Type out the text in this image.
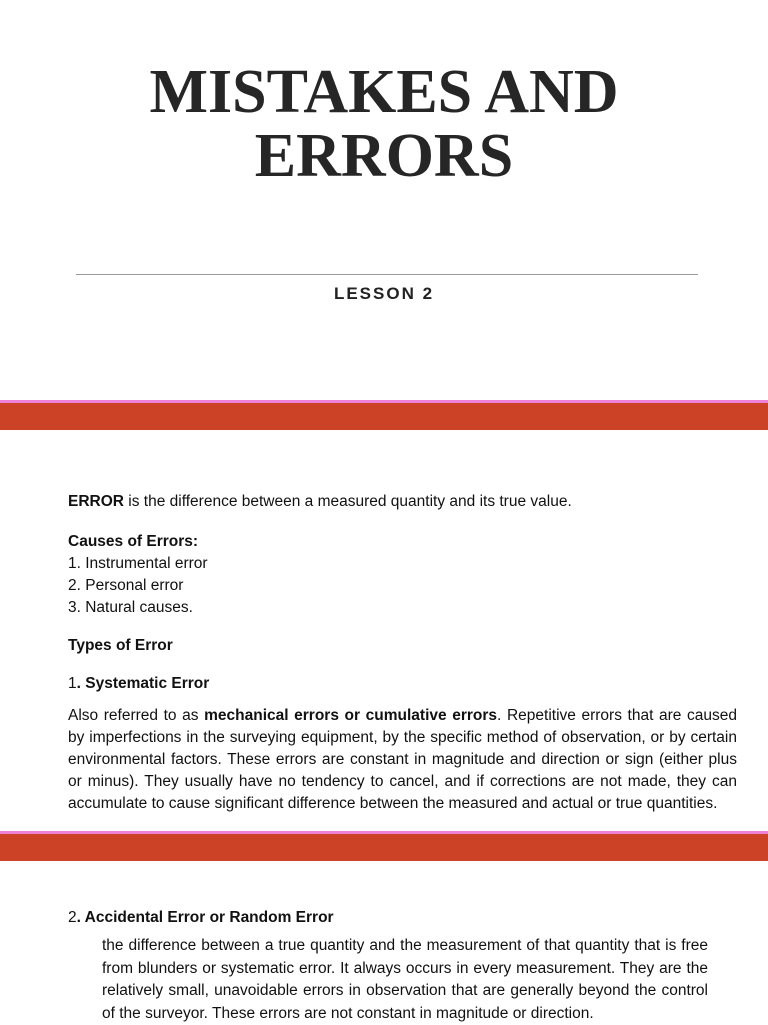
MISTAKES AND
ERRORS
LESSON 2
ERROR is the difference between a measured quantity and its true value.
Causes of Errors:
1. Instrumental error
2. Personal error
3. Natural causes.
Types of Error
1. Systematic Error
Also referred to as mechanical errors or cumulative errors. Repetitive errors that are caused by imperfections in the surveying equipment, by the specific method of observation, or by certain environmental factors. These errors are constant in magnitude and direction or sign (either plus or minus). They usually have no tendency to cancel, and if corrections are not made, they can accumulate to cause significant difference between the measured and actual or true quantities.
2. Accidental Error or Random Error
the difference between a true quantity and the measurement of that quantity that is free from blunders or systematic error. It always occurs in every measurement. They are the relatively small, unavoidable errors in observation that are generally beyond the control of the surveyor. These errors are not constant in magnitude or direction.
